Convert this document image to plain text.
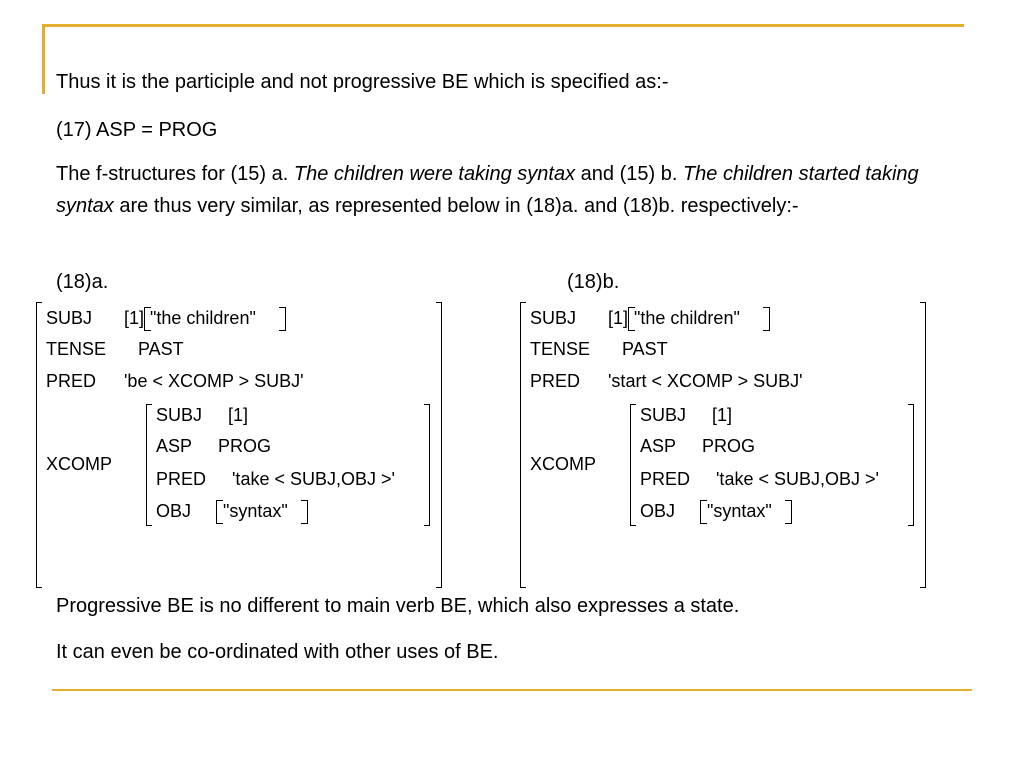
Thus it is the participle and not progressive BE which is specified as:-

(17) ASP = PROG

The f-structures for (15) a. The children were taking syntax and (15) b. The children started taking syntax are thus very similar, as represented below in (18)a. and (18)b. respectively:-

(18)a.	(18)b.
SUBJ [1] "the children"
TENSE PAST
PRED 'be < XCOMP > SUBJ'
XCOMP
SUBJ [1]
ASP PROG
PRED 'take < SUBJ,OBJ >'
OBJ "syntax"
SUBJ [1] "the children"
TENSE PAST
PRED 'start < XCOMP > SUBJ'
XCOMP
SUBJ [1]
ASP PROG
PRED 'take < SUBJ,OBJ >'
OBJ "syntax"

Progressive BE is no different to main verb BE, which also expresses a state.

It can even be co-ordinated with other uses of BE.
